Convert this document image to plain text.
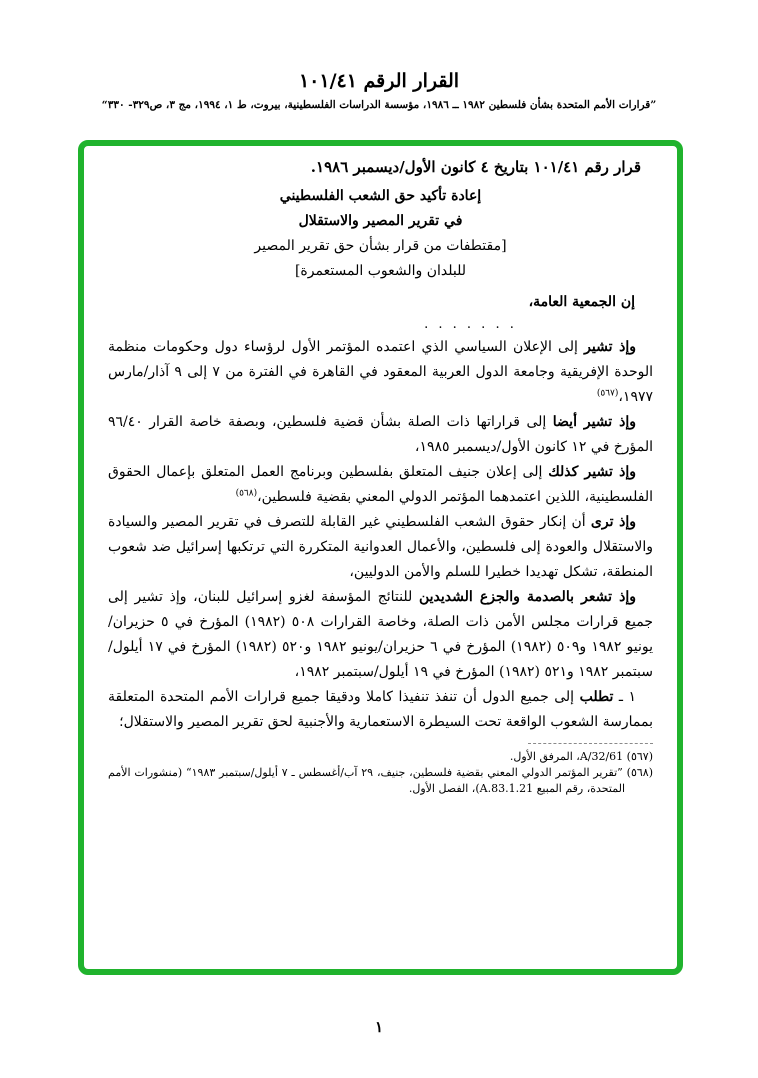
القرار الرقم ١٠١/٤١
”قرارات الأمم المتحدة بشأن فلسطين ١٩٨٢ ــ ١٩٨٦، مؤسسة الدراسات الفلسطينية، بيروت، ط ١، ١٩٩٤، مج ٣، ص٣٢٩- ٣٣٠“
قرار رقم ١٠١/٤١ بتاريخ ٤ كانون الأول/ديسمبر ١٩٨٦.
إعادة تأكيد حق الشعب الفلسطيني
في تقرير المصير والاستقلال
[مقتطفات من قرار بشأن حق تقرير المصير
للبلدان والشعوب المستعمرة]
إن الجمعية العامة،
. . . . . . .

وإذ تشير إلى الإعلان السياسي الذي اعتمده المؤتمر الأول لرؤساء دول وحكومات منظمة الوحدة الإفريقية وجامعة الدول العربية المعقود في القاهرة في الفترة من ٧ إلى ٩ آذار/مارس ١٩٧٧،$^{(٥٦٧)}$

وإذ تشير أيضا إلى قراراتها ذات الصلة بشأن قضية فلسطين، وبصفة خاصة القرار ٩٦/٤٠ المؤرخ في ١٢ كانون الأول/ديسمبر ١٩٨٥،

وإذ تشير كذلك إلى إعلان جنيف المتعلق بفلسطين وبرنامج العمل المتعلق بإعمال الحقوق الفلسطينية، اللذين اعتمدهما المؤتمر الدولي المعني بقضية فلسطين،$^{(٥٦٨)}$

وإذ ترى أن إنكار حقوق الشعب الفلسطيني غير القابلة للتصرف في تقرير المصير والسيادة والاستقلال والعودة إلى فلسطين، والأعمال العدوانية المتكررة التي ترتكبها إسرائيل ضد شعوب المنطقة، تشكل تهديدا خطيرا للسلم والأمن الدوليين،

وإذ تشعر بالصدمة والجزع الشديدين للنتائج المؤسفة لغزو إسرائيل للبنان، وإذ تشير إلى جميع قرارات مجلس الأمن ذات الصلة، وخاصة القرارات ٥٠٨ (١٩٨٢) المؤرخ في ٥ حزيران/يونيو ١٩٨٢ و٥٠٩ (١٩٨٢) المؤرخ في ٦ حزيران/يونيو ١٩٨٢ و٥٢٠ (١٩٨٢) المؤرخ في ١٧ أيلول/سبتمبر ١٩٨٢ و٥٢١ (١٩٨٢) المؤرخ في ١٩ أيلول/سبتمبر ١٩٨٢،

١ ـ تطلب إلى جميع الدول أن تنفذ تنفيذا كاملا ودقيقا جميع قرارات الأمم المتحدة المتعلقة بممارسة الشعوب الواقعة تحت السيطرة الاستعمارية والأجنبية لحق تقرير المصير والاستقلال؛

(٥٦٧) A/32/61، المرفق الأول.
(٥٦٨) ”تقرير المؤتمر الدولي المعني بقضية فلسطين، جنيف، ٢٩ آب/أغسطس ـ ٧ أيلول/سبتمبر ١٩٨٣“ (منشورات الأمم المتحدة، رقم المبيع A.83.1.21)، الفصل الأول.
١
